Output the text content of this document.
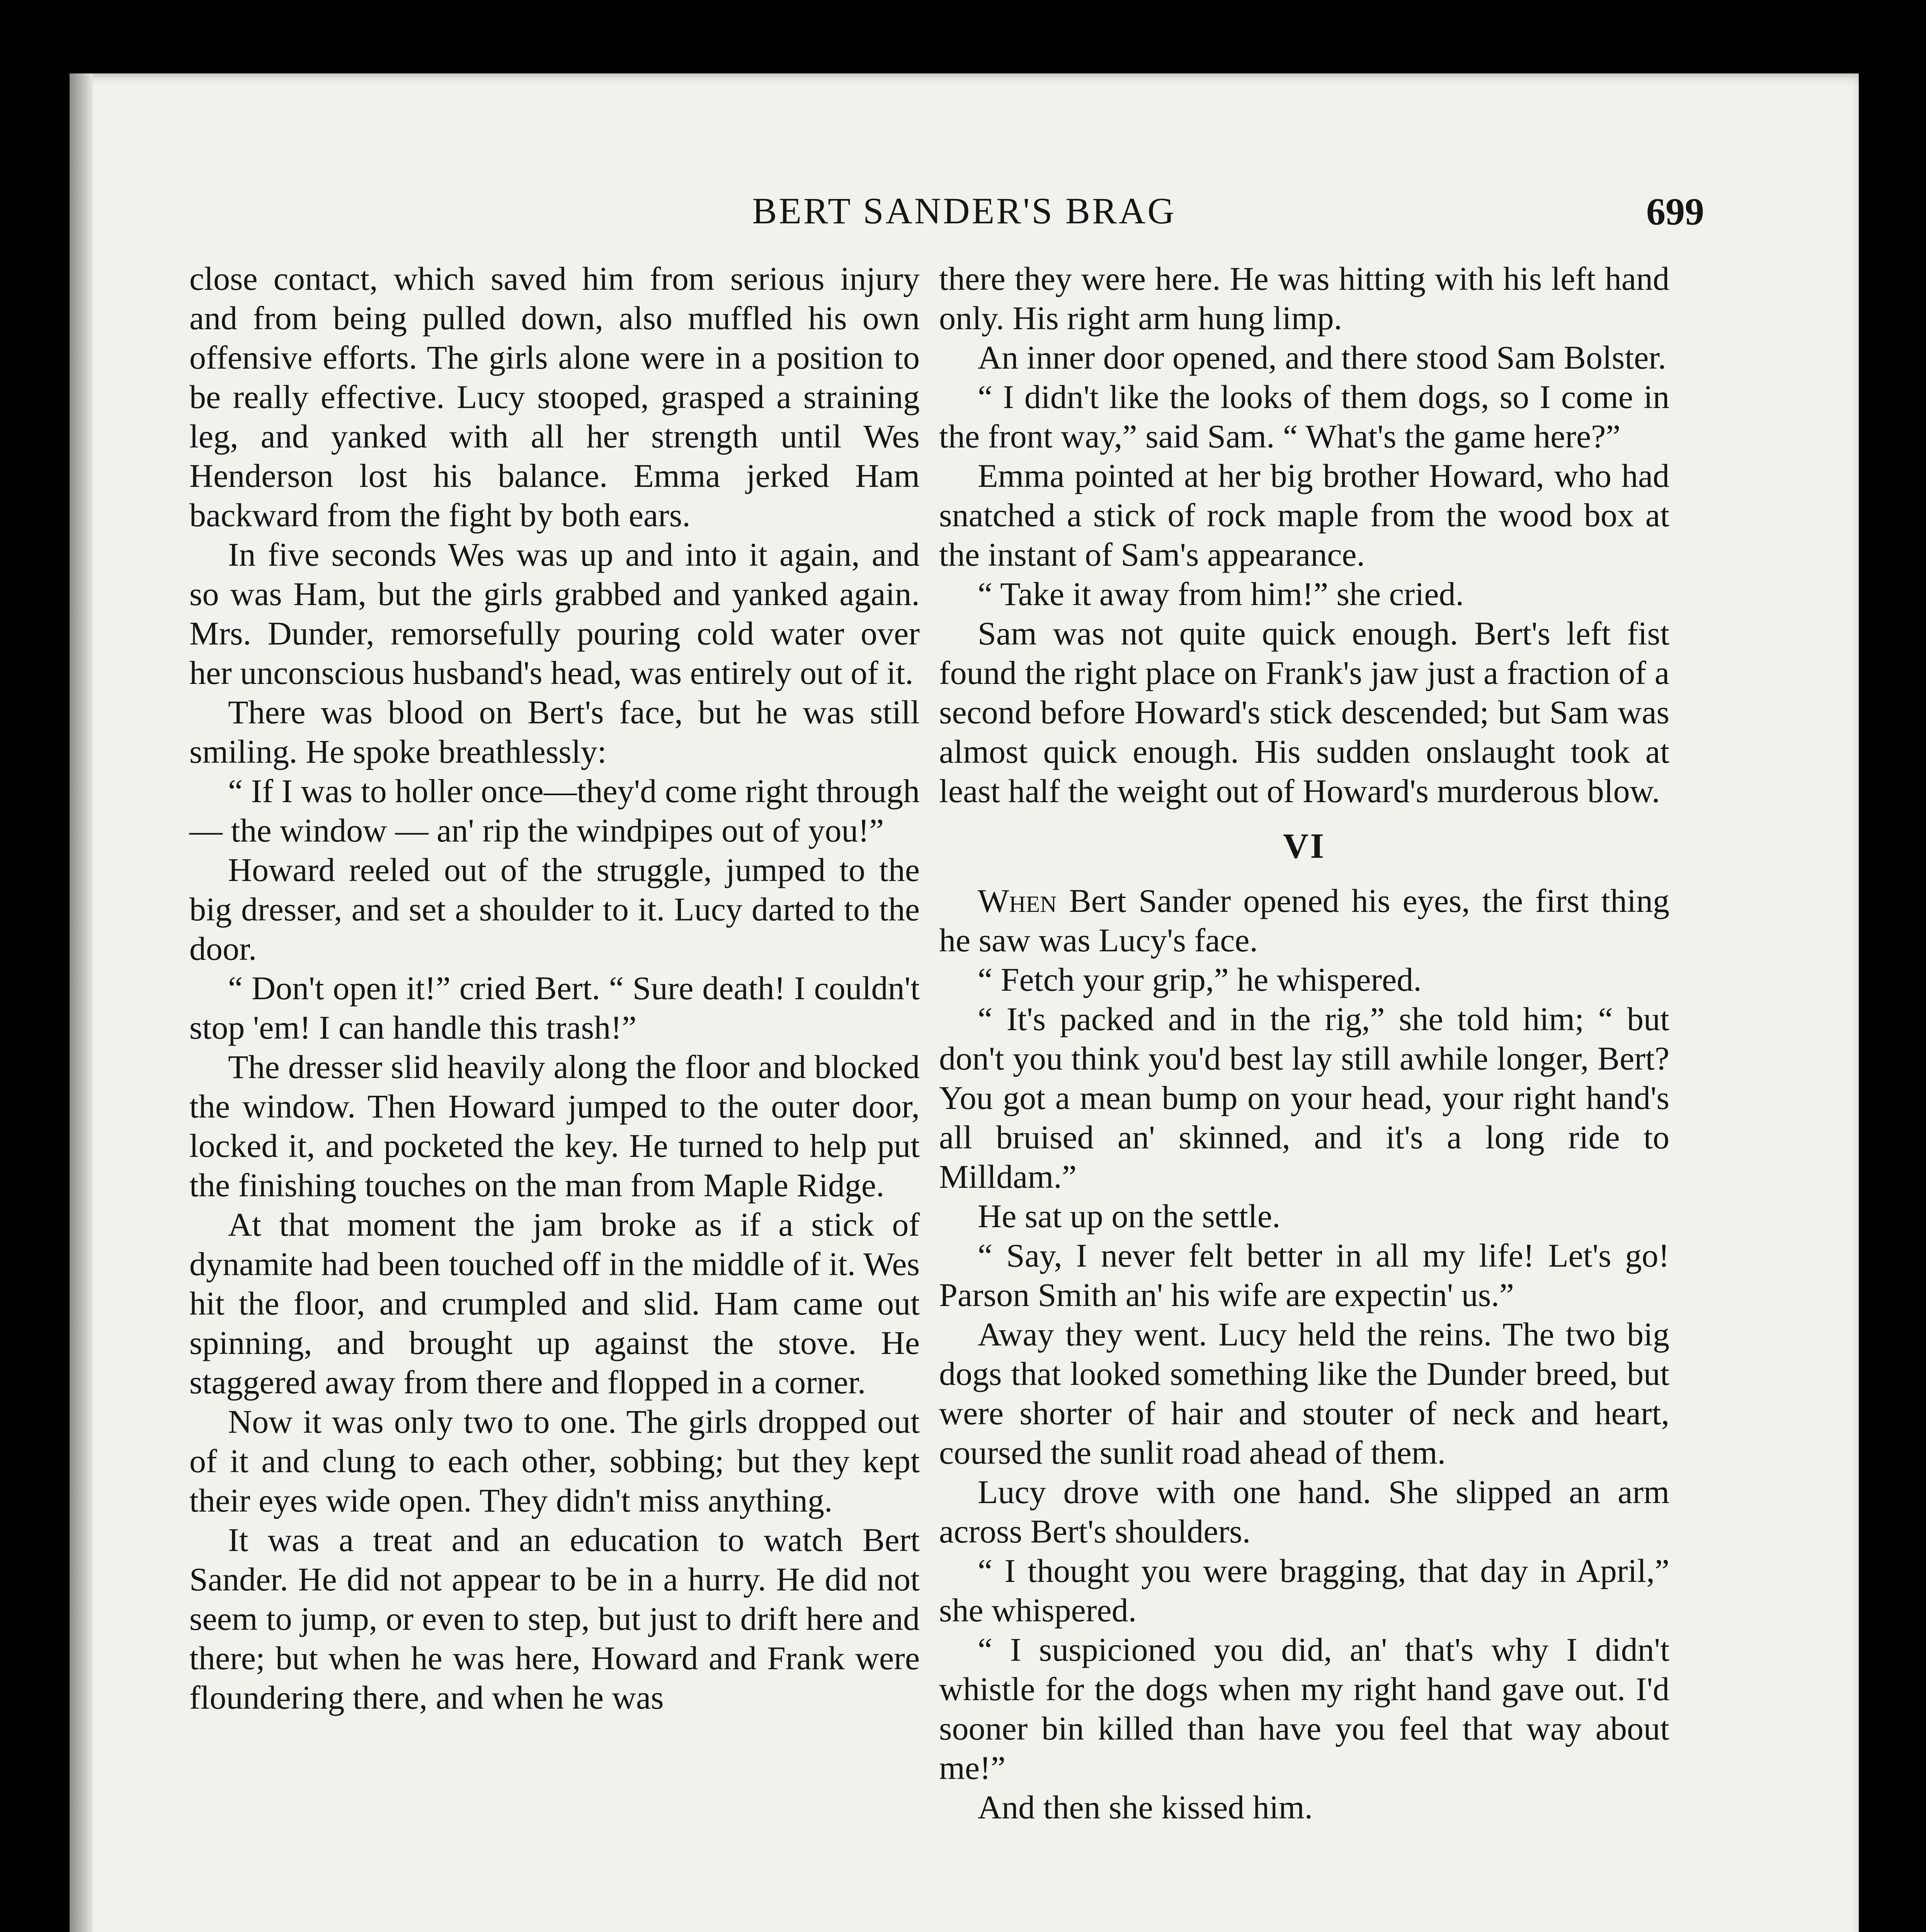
BERT SANDER'S BRAG	699

close contact, which saved him from serious injury and from being pulled down, also muffled his own offensive efforts. The girls alone were in a position to be really effective. Lucy stooped, grasped a straining leg, and yanked with all her strength until Wes Henderson lost his balance. Emma jerked Ham backward from the fight by both ears.

In five seconds Wes was up and into it again, and so was Ham, but the girls grabbed and yanked again. Mrs. Dunder, remorsefully pouring cold water over her unconscious husband's head, was entirely out of it.

There was blood on Bert's face, but he was still smiling. He spoke breathlessly:

“ If I was to holler once—they'd come right through — the window — an' rip the windpipes out of you!”

Howard reeled out of the struggle, jumped to the big dresser, and set a shoulder to it. Lucy darted to the door.

“ Don't open it!” cried Bert. “ Sure death! I couldn't stop 'em! I can handle this trash!”

The dresser slid heavily along the floor and blocked the window. Then Howard jumped to the outer door, locked it, and pocketed the key. He turned to help put the finishing touches on the man from Maple Ridge.

At that moment the jam broke as if a stick of dynamite had been touched off in the middle of it. Wes hit the floor, and crumpled and slid. Ham came out spinning, and brought up against the stove. He staggered away from there and flopped in a corner.

Now it was only two to one. The girls dropped out of it and clung to each other, sobbing; but they kept their eyes wide open. They didn't miss anything.

It was a treat and an education to watch Bert Sander. He did not appear to be in a hurry. He did not seem to jump, or even to step, but just to drift here and there; but when he was here, Howard and Frank were floundering there, and when he was

there they were here. He was hitting with his left hand only. His right arm hung limp.

An inner door opened, and there stood Sam Bolster.

“ I didn't like the looks of them dogs, so I come in the front way,” said Sam. “ What's the game here?”

Emma pointed at her big brother Howard, who had snatched a stick of rock maple from the wood box at the instant of Sam's appearance.

“ Take it away from him!” she cried.

Sam was not quite quick enough. Bert's left fist found the right place on Frank's jaw just a fraction of a second before Howard's stick descended; but Sam was almost quick enough. His sudden onslaught took at least half the weight out of Howard's murderous blow.

VI

When Bert Sander opened his eyes, the first thing he saw was Lucy's face.

“ Fetch your grip,” he whispered.

“ It's packed and in the rig,” she told him; “ but don't you think you'd best lay still awhile longer, Bert? You got a mean bump on your head, your right hand's all bruised an' skinned, and it's a long ride to Milldam.”

He sat up on the settle.

“ Say, I never felt better in all my life! Let's go! Parson Smith an' his wife are expectin' us.”

Away they went. Lucy held the reins. The two big dogs that looked something like the Dunder breed, but were shorter of hair and stouter of neck and heart, coursed the sunlit road ahead of them.

Lucy drove with one hand. She slipped an arm across Bert's shoulders.

“ I thought you were bragging, that day in April,” she whispered.

“ I suspicioned you did, an' that's why I didn't whistle for the dogs when my right hand gave out. I'd sooner bin killed than have you feel that way about me!”

And then she kissed him.
